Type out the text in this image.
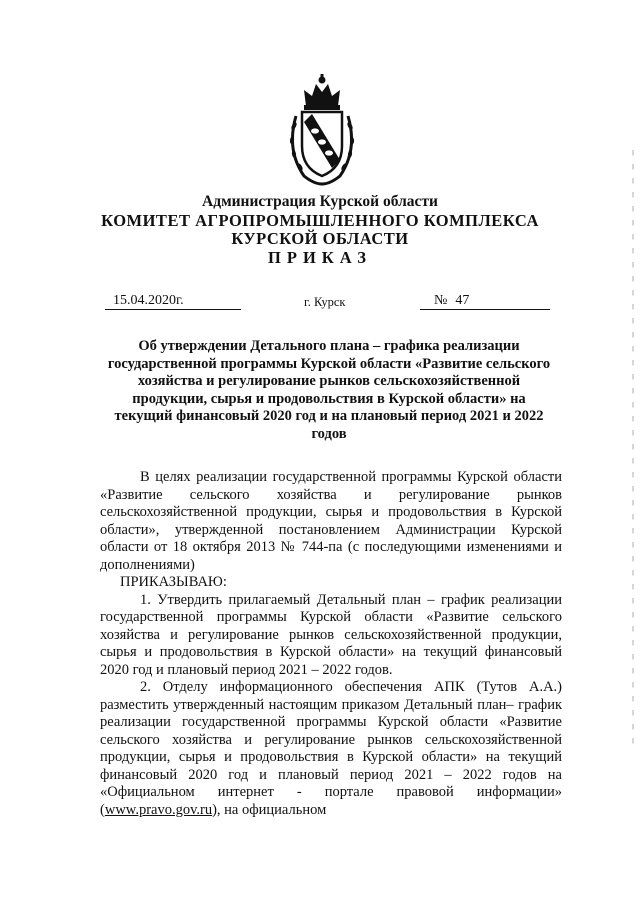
Администрация Курской области
КОМИТЕТ АГРОПРОМЫШЛЕННОГО КОМПЛЕКСА
КУРСКОЙ ОБЛАСТИ
ПРИКАЗ
15.04.2020г.	г. Курск	№ 47
Об утверждении Детального плана – графика реализации государственной программы Курской области «Развитие сельского хозяйства и регулирование рынков сельскохозяйственной продукции, сырья и продовольствия в Курской области» на текущий финансовый 2020 год и на плановый период 2021 и 2022 годов

В целях реализации государственной программы Курской области «Развитие сельского хозяйства и регулирование рынков сельскохозяйственной продукции, сырья и продовольствия в Курской области», утвержденной постановлением Администрации Курской области от 18 октября 2013 № 744-па (с последующими изменениями и дополнениями)

ПРИКАЗЫВАЮ:

1. Утвердить прилагаемый Детальный план – график реализации государственной программы Курской области «Развитие сельского хозяйства и регулирование рынков сельскохозяйственной продукции, сырья и продовольствия в Курской области» на текущий финансовый 2020 год и плановый период 2021 – 2022 годов.

2. Отделу информационного обеспечения АПК (Тутов А.А.) разместить утвержденный настоящим приказом Детальный план– график реализации государственной программы Курской области «Развитие сельского хозяйства и регулирование рынков сельскохозяйственной продукции, сырья и продовольствия в Курской области» на текущий финансовый 2020 год и плановый период 2021 – 2022 годов на «Официальном интернет - портале правовой информации» (www.pravo.gov.ru), на официальном
